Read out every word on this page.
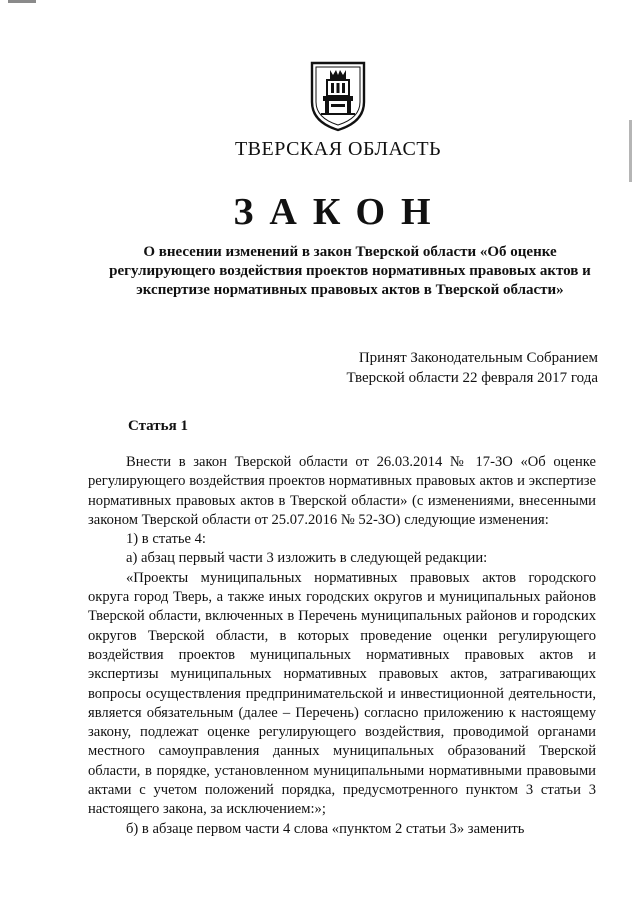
ТВЕРСКАЯ ОБЛАСТЬ
ЗАКОН
О внесении изменений в закон Тверской области «Об оценке регулирующего воздействия проектов нормативных правовых актов и экспертизе нормативных правовых актов в Тверской области»
Принят Законодательным Собранием
Тверской области 22 февраля 2017 года
Статья 1

Внести в закон Тверской области от 26.03.2014 № 17-ЗО «Об оценке регулирующего воздействия проектов нормативных правовых актов и экспертизе нормативных правовых актов в Тверской области» (с изменениями, внесенными законом Тверской области от 25.07.2016 № 52-ЗО) следующие изменения:

1) в статье 4:

а) абзац первый части 3 изложить в следующей редакции:

«Проекты муниципальных нормативных правовых актов городского округа город Тверь, а также иных городских округов и муниципальных районов Тверской области, включенных в Перечень муниципальных районов и городских округов Тверской области, в которых проведение оценки регулирующего воздействия проектов муниципальных нормативных правовых актов и экспертизы муниципальных нормативных правовых актов, затрагивающих вопросы осуществления предпринимательской и инвестиционной деятельности, является обязательным (далее – Перечень) согласно приложению к настоящему закону, подлежат оценке регулирующего воздействия, проводимой органами местного самоуправления данных муниципальных образований Тверской области, в порядке, установленном муниципальными нормативными правовыми актами с учетом положений порядка, предусмотренного пунктом 3 статьи 3 настоящего закона, за исключением:»;

б) в абзаце первом части 4 слова «пунктом 2 статьи 3» заменить
